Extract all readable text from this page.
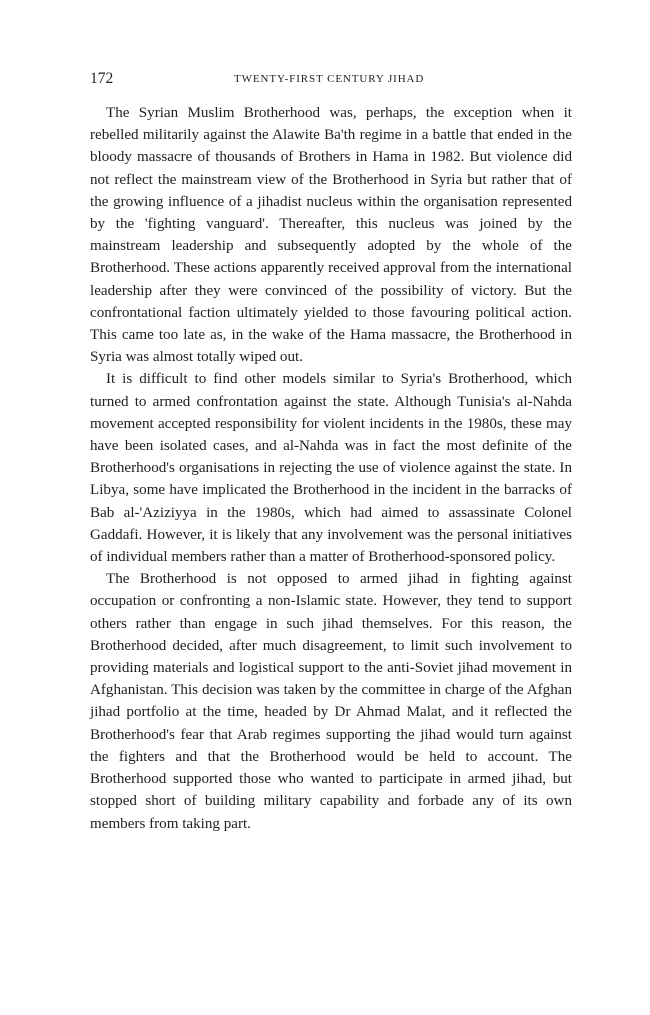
172	TWENTY-FIRST CENTURY JIHAD

The Syrian Muslim Brotherhood was, perhaps, the exception when it rebelled militarily against the Alawite Ba'th regime in a battle that ended in the bloody massacre of thousands of Brothers in Hama in 1982. But violence did not reflect the mainstream view of the Brotherhood in Syria but rather that of the growing influence of a jihadist nucleus within the organisation represented by the 'fighting vanguard'. Thereafter, this nucleus was joined by the mainstream leadership and subsequently adopted by the whole of the Brotherhood. These actions apparently received approval from the international leadership after they were convinced of the possibility of victory. But the confrontational faction ultimately yielded to those favouring political action. This came too late as, in the wake of the Hama massacre, the Brotherhood in Syria was almost totally wiped out.

It is difficult to find other models similar to Syria's Brotherhood, which turned to armed confrontation against the state. Although Tunisia's al-Nahda movement accepted responsibility for violent incidents in the 1980s, these may have been isolated cases, and al-Nahda was in fact the most definite of the Brotherhood's organisations in rejecting the use of violence against the state. In Libya, some have implicated the Brotherhood in the incident in the barracks of Bab al-'Aziziyya in the 1980s, which had aimed to assassinate Colonel Gaddafi. However, it is likely that any involvement was the personal initiatives of individual members rather than a matter of Brotherhood-sponsored policy.

The Brotherhood is not opposed to armed jihad in fighting against occupation or confronting a non-Islamic state. However, they tend to support others rather than engage in such jihad themselves. For this reason, the Brotherhood decided, after much disagreement, to limit such involvement to providing materials and logistical support to the anti-Soviet jihad movement in Afghanistan. This decision was taken by the committee in charge of the Afghan jihad portfolio at the time, headed by Dr Ahmad Malat, and it reflected the Brotherhood's fear that Arab regimes supporting the jihad would turn against the fighters and that the Brotherhood would be held to account. The Brotherhood supported those who wanted to participate in armed jihad, but stopped short of building military capability and forbade any of its own members from taking part.
